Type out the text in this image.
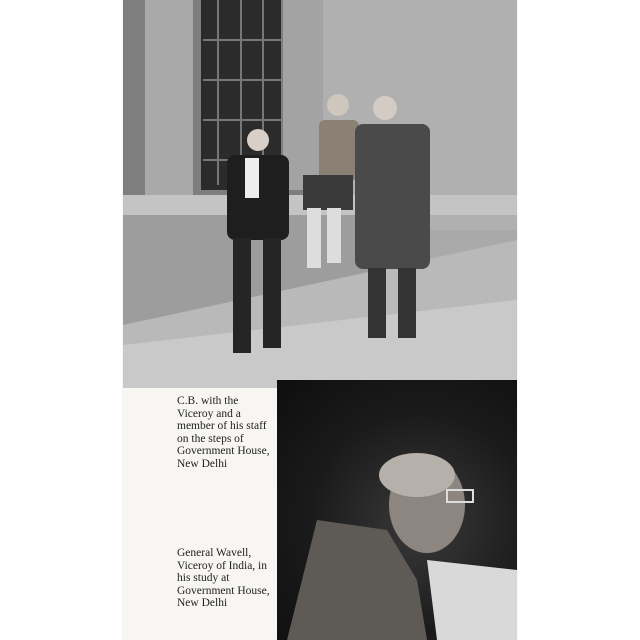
C.B. with the Viceroy and a member of his staff on the steps of Government House, New Delhi
General Wavell, Viceroy of India, in his study at Government House, New Delhi
